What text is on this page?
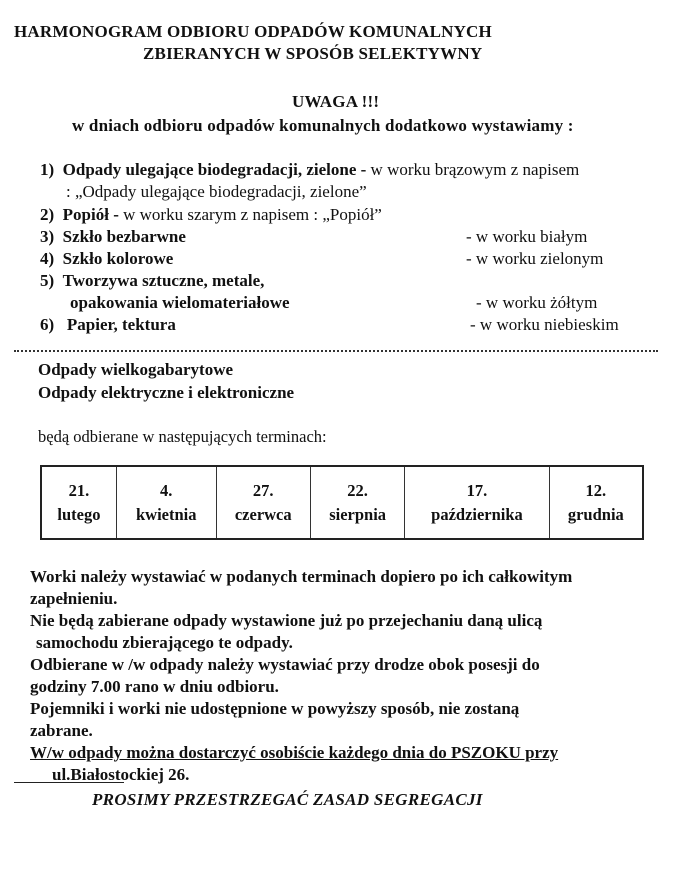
HARMONOGRAM ODBIORU ODPADÓW KOMUNALNYCH
ZBIERANYCH W SPOSÓB SELEKTYWNY
UWAGA !!!
w dniach odbioru odpadów komunalnych dodatkowo wystawiamy :
1) Odpady ulegające biodegradacji, zielone - w worku brązowym z napisem
: „Odpady ulegające biodegradacji, zielone”
2) Popiół - w worku szarym z napisem : „Popiół”
3) Szkło bezbarwne	- w worku białym
4) Szkło kolorowe	- w worku zielonym
5) Tworzywa sztuczne, metale,
opakowania wielomateriałowe	- w worku żółtym
6) Papier, tektura	- w worku niebieskim
Odpady wielkogabarytowe
Odpady elektryczne i elektroniczne
będą odbierane w następujących terminach:
21.
lutego

4.
kwietnia

27.
czerwca

22.
sierpnia

17.
października

12.
grudnia
Worki należy wystawiać w podanych terminach dopiero po ich całkowitym
zapełnieniu.
Nie będą zabierane odpady wystawione już po przejechaniu daną ulicą
samochodu zbierającego te odpady.
Odbierane w /w odpady należy wystawiać przy drodze obok posesji do
godziny 7.00 rano w dniu odbioru.
Pojemniki i worki nie udostępnione w powyższy sposób, nie zostaną
zabrane.
W/w odpady można dostarczyć osobiście każdego dnia do PSZOKU przy
ul.Białostockiej 26.
PROSIMY PRZESTRZEGAĆ ZASAD SEGREGACJI
